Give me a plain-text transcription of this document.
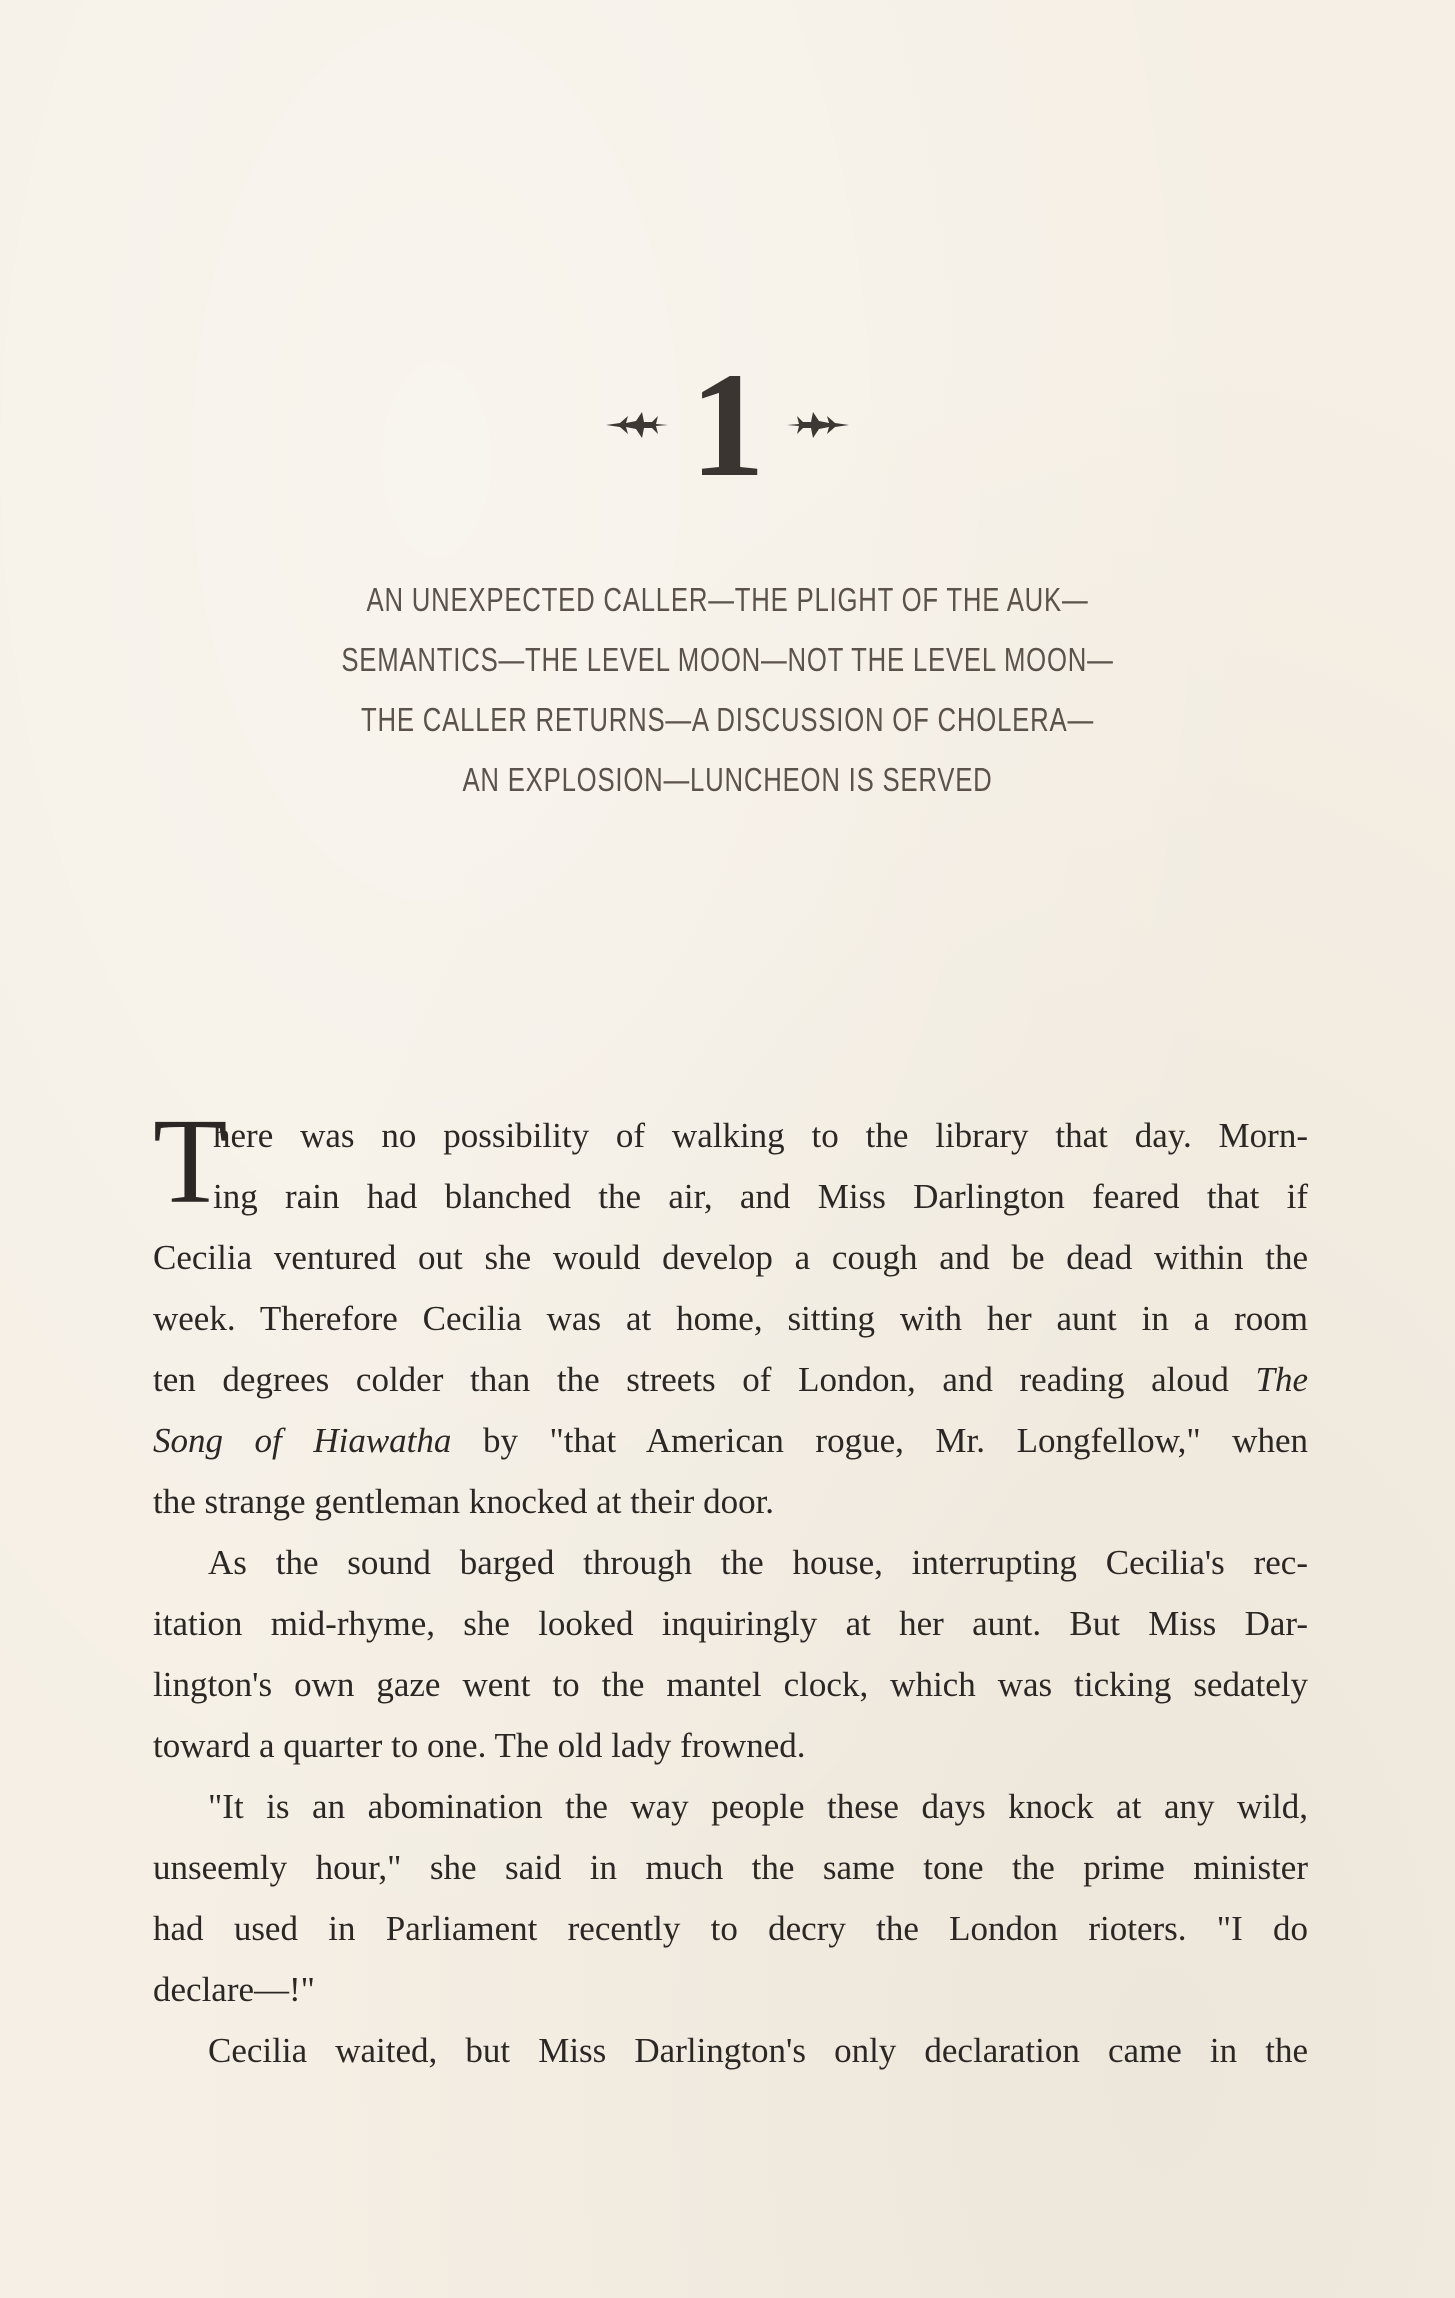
1
AN UNEXPECTED CALLER—THE PLIGHT OF THE AUK—
SEMANTICS—THE LEVEL MOON—NOT THE LEVEL MOON—
THE CALLER RETURNS—A DISCUSSION OF CHOLERA—
AN EXPLOSION—LUNCHEON IS SERVED
T
here was no possibility of walking to the library that day. Morn-
ing rain had blanched the air, and Miss Darlington feared that if
Cecilia ventured out she would develop a cough and be dead within the
week. Therefore Cecilia was at home, sitting with her aunt in a room
ten degrees colder than the streets of London, and reading aloud The
Song of Hiawatha by "that American rogue, Mr. Longfellow," when
the strange gentleman knocked at their door.
As the sound barged through the house, interrupting Cecilia's rec-
itation mid-rhyme, she looked inquiringly at her aunt. But Miss Dar-
lington's own gaze went to the mantel clock, which was ticking sedately
toward a quarter to one. The old lady frowned.
"It is an abomination the way people these days knock at any wild,
unseemly hour," she said in much the same tone the prime minister
had used in Parliament recently to decry the London rioters. "I do
declare—!"
Cecilia waited, but Miss Darlington's only declaration came in the
